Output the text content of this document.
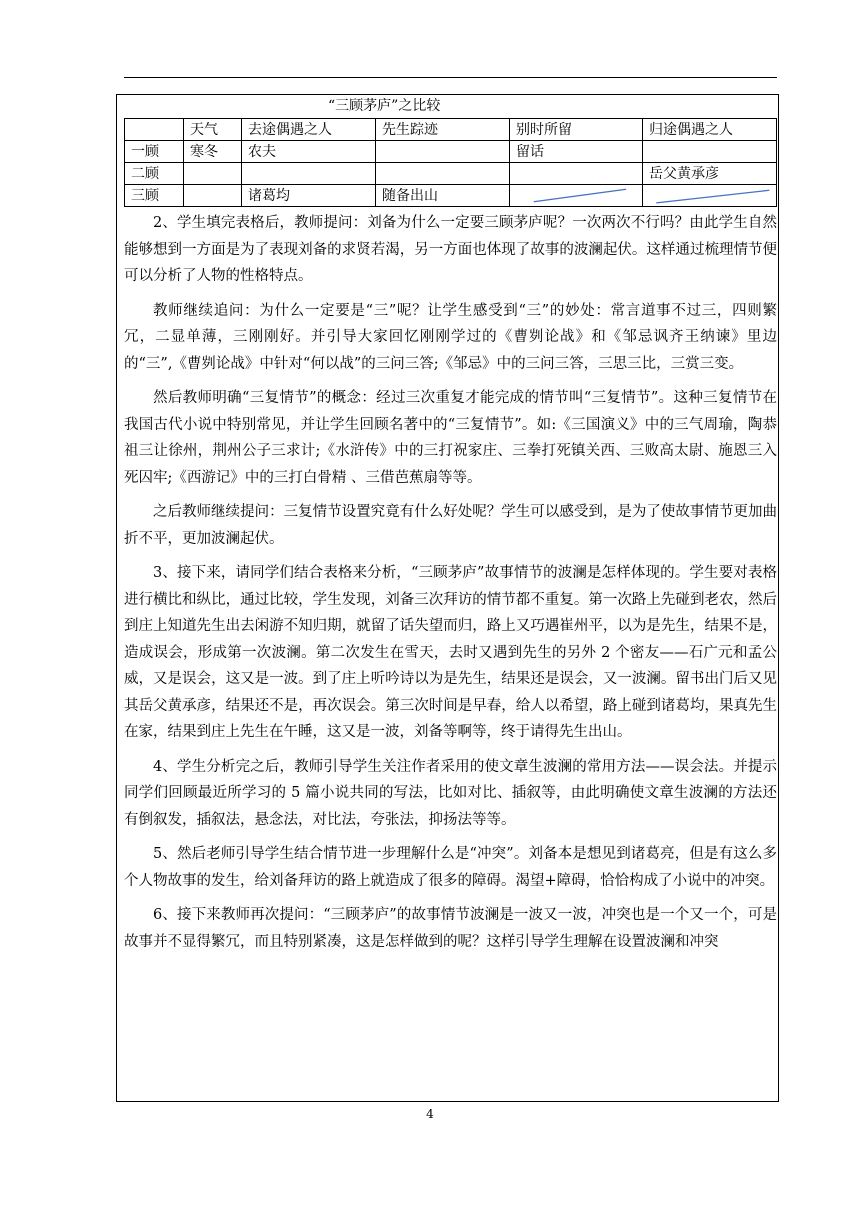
“三顾茅庐”之比较
	天气	去途偶遇之人	先生踪迹	别时所留	归途偶遇之人
一顾	寒冬	农夫		留话	
二顾					岳父黄承彦
三顾		诸葛均	随备出山	

2、学生填完表格后，教师提问：刘备为什么一定要三顾茅庐呢？一次两次不行吗？由此学生自然能够想到一方面是为了表现刘备的求贤若渴，另一方面也体现了故事的波澜起伏。这样通过梳理情节便可以分析了人物的性格特点。

教师继续追问：为什么一定要是“三”呢？让学生感受到“三”的妙处：常言道事不过三，四则繁冗，二显单薄，三刚刚好。并引导大家回忆刚刚学过的《曹刿论战》和《邹忌讽齐王纳谏》里边的“三”,《曹刿论战》中针对“何以战”的三问三答;《邹忌》中的三问三答，三思三比，三赏三变。

然后教师明确“三复情节”的概念：经过三次重复才能完成的情节叫“三复情节”。这种三复情节在我国古代小说中特别常见，并让学生回顾名著中的“三复情节”。如:《三国演义》中的三气周瑜，陶恭祖三让徐州，荆州公子三求计;《水浒传》中的三打祝家庄、三拳打死镇关西、三败高太尉、施恩三入死囚牢;《西游记》中的三打白骨精 、三借芭蕉扇等等。

之后教师继续提问：三复情节设置究竟有什么好处呢？学生可以感受到，是为了使故事情节更加曲折不平，更加波澜起伏。

3、接下来，请同学们结合表格来分析，“三顾茅庐”故事情节的波澜是怎样体现的。学生要对表格进行横比和纵比，通过比较，学生发现，刘备三次拜访的情节都不重复。第一次路上先碰到老农，然后到庄上知道先生出去闲游不知归期，就留了话失望而归，路上又巧遇崔州平，以为是先生，结果不是，造成误会，形成第一次波澜。第二次发生在雪天，去时又遇到先生的另外 2 个密友——石广元和孟公威，又是误会，这又是一波。到了庄上听吟诗以为是先生，结果还是误会，又一波澜。留书出门后又见其岳父黄承彦，结果还不是，再次误会。第三次时间是早春，给人以希望，路上碰到诸葛均，果真先生在家，结果到庄上先生在午睡，这又是一波，刘备等啊等，终于请得先生出山。

4、学生分析完之后，教师引导学生关注作者采用的使文章生波澜的常用方法——误会法。并提示同学们回顾最近所学习的 5 篇小说共同的写法，比如对比、插叙等，由此明确使文章生波澜的方法还有倒叙发，插叙法，悬念法，对比法，夸张法，抑扬法等等。

5、然后老师引导学生结合情节进一步理解什么是“冲突”。刘备本是想见到诸葛亮，但是有这么多个人物故事的发生，给刘备拜访的路上就造成了很多的障碍。渴望+障碍，恰恰构成了小说中的冲突。

6、接下来教师再次提问：“三顾茅庐”的故事情节波澜是一波又一波，冲突也是一个又一个，可是故事并不显得繁冗，而且特别紧凑，这是怎样做到的呢？这样引导学生理解在设置波澜和冲突

4
